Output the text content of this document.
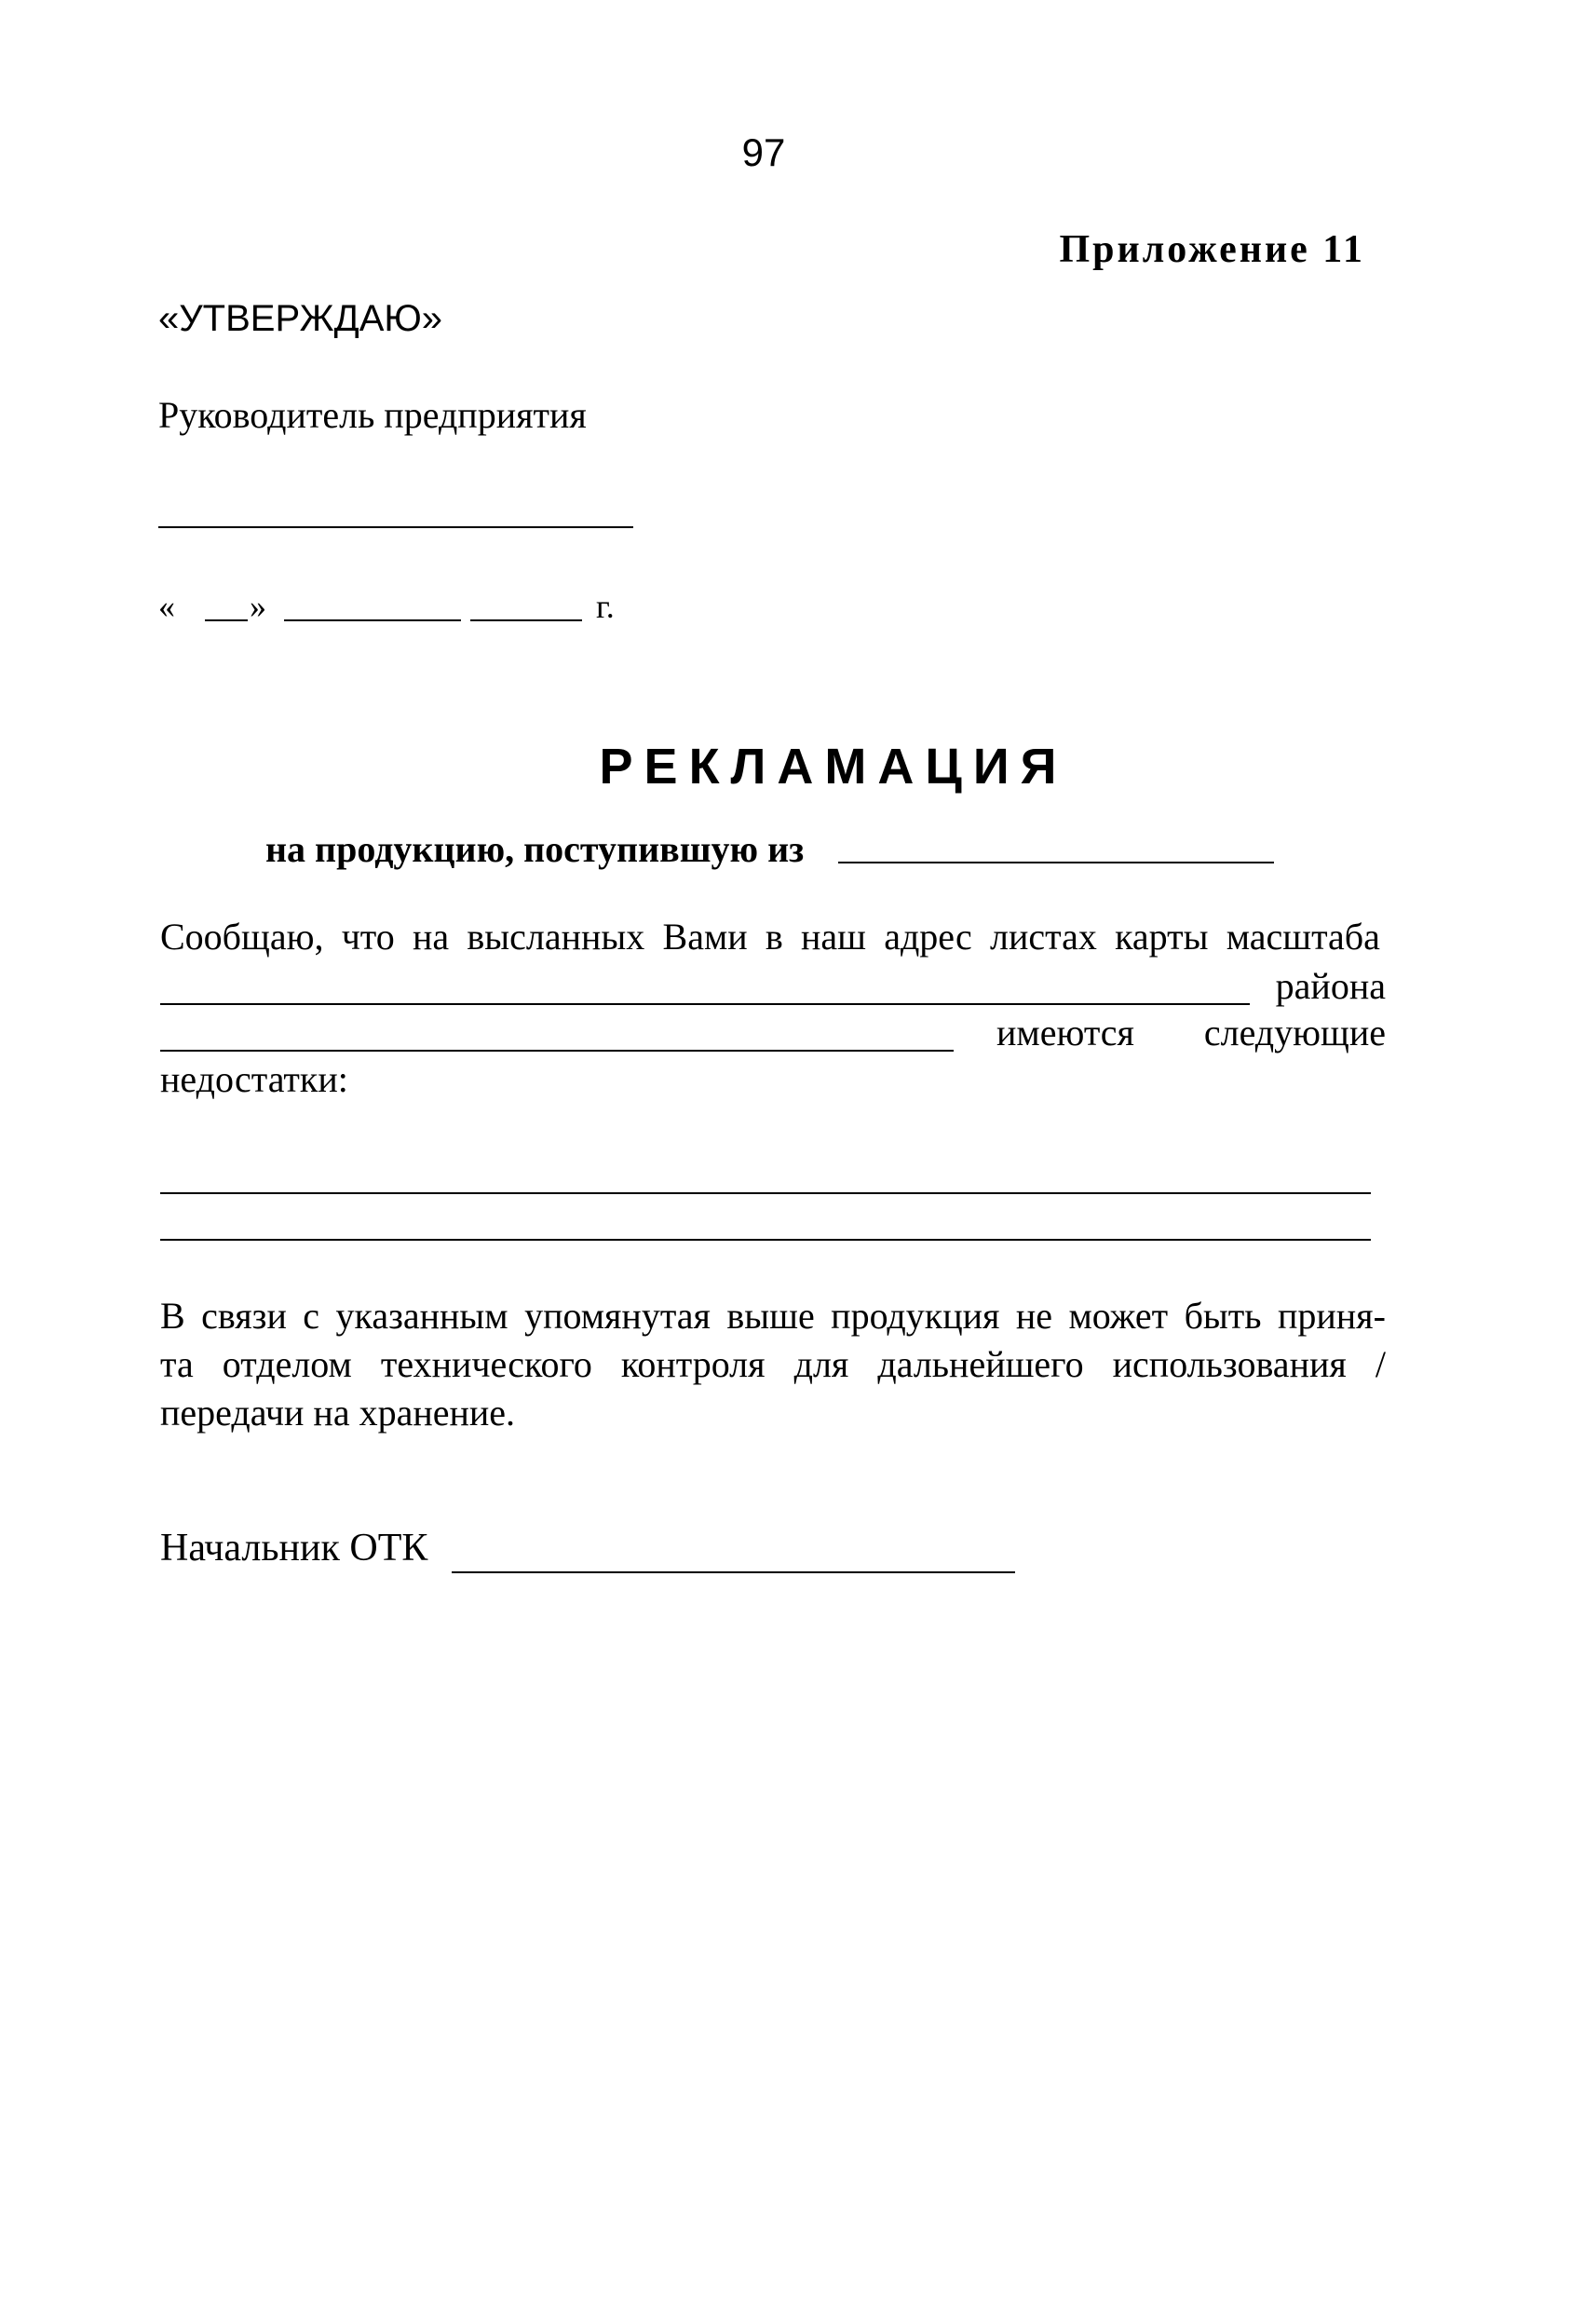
97
Приложение 11
«УТВЕРЖДАЮ»
Руководитель предприятия
« »	г.
РЕКЛАМАЦИЯ
на продукцию, поступившую из
Сообщаю, что на высланных Вами в наш адрес листах карты масштаба
района
имеются следующие
недостатки:
В связи с указанным упомянутая выше продукция не может быть приня-
та отделом технического контроля для дальнейшего использования /
передачи на хранение.
Начальник ОТК
